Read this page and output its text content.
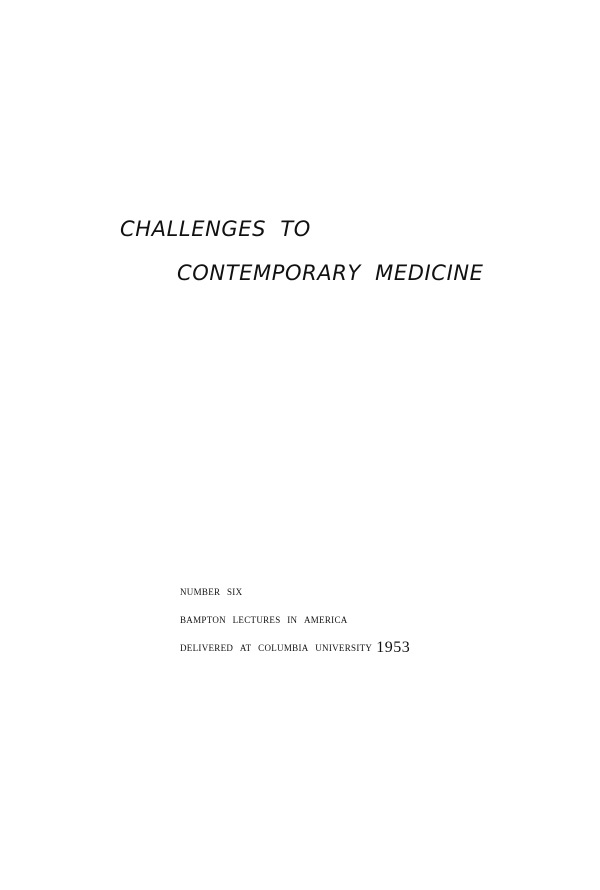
CHALLENGES TO
CONTEMPORARY MEDICINE

number six

bampton lectures in america

delivered at columbia university 1953
